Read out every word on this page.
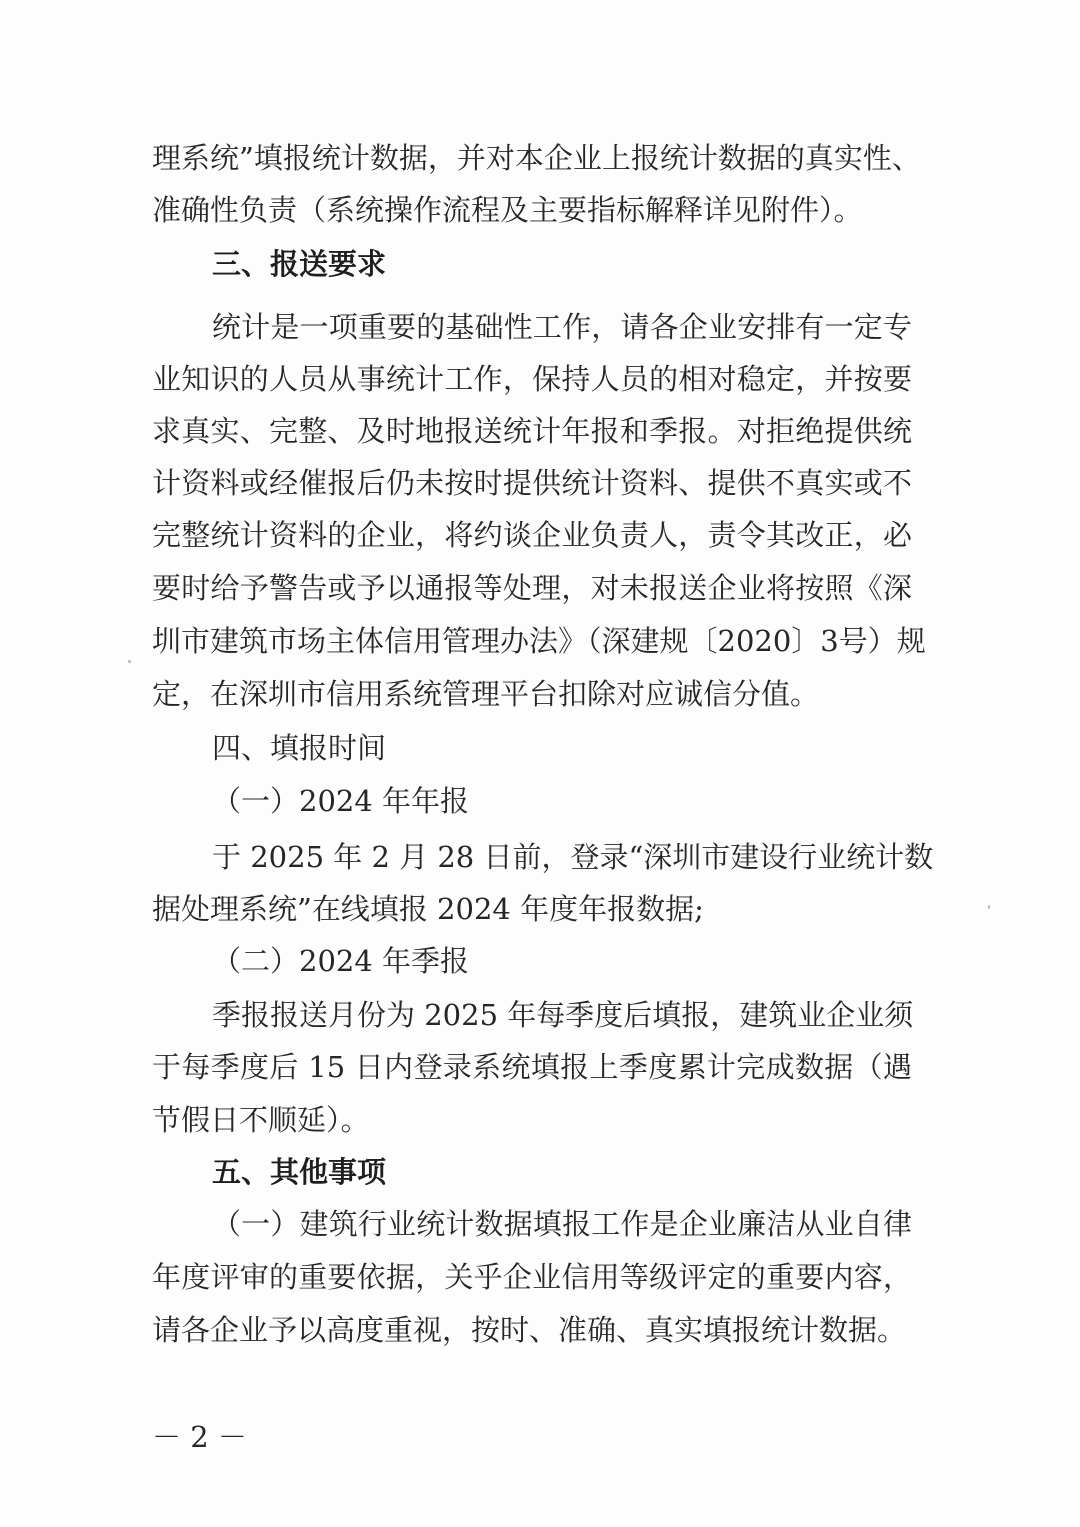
理系统”填报统计数据，并对本企业上报统计数据的真实性、
准确性负责（系统操作流程及主要指标解释详见附件）。
三、报送要求
统计是一项重要的基础性工作，请各企业安排有一定专
业知识的人员从事统计工作，保持人员的相对稳定，并按要
求真实、完整、及时地报送统计年报和季报。对拒绝提供统
计资料或经催报后仍未按时提供统计资料、提供不真实或不
完整统计资料的企业，将约谈企业负责人，责令其改正，必
要时给予警告或予以通报等处理，对未报送企业将按照《深
圳市建筑市场主体信用管理办法》（深建规〔2020〕3号）规
定，在深圳市信用系统管理平台扣除对应诚信分值。
四、填报时间
（一）2024 年年报
于 2025 年 2 月 28 日前，登录“深圳市建设行业统计数
据处理系统”在线填报 2024 年度年报数据;
（二）2024 年季报
季报报送月份为 2025 年每季度后填报，建筑业企业须
于每季度后 15 日内登录系统填报上季度累计完成数据（遇
节假日不顺延）。
五、其他事项
（一）建筑行业统计数据填报工作是企业廉洁从业自律
年度评审的重要依据，关乎企业信用等级评定的重要内容，
请各企业予以高度重视，按时、准确、真实填报统计数据。
－ 2 －
